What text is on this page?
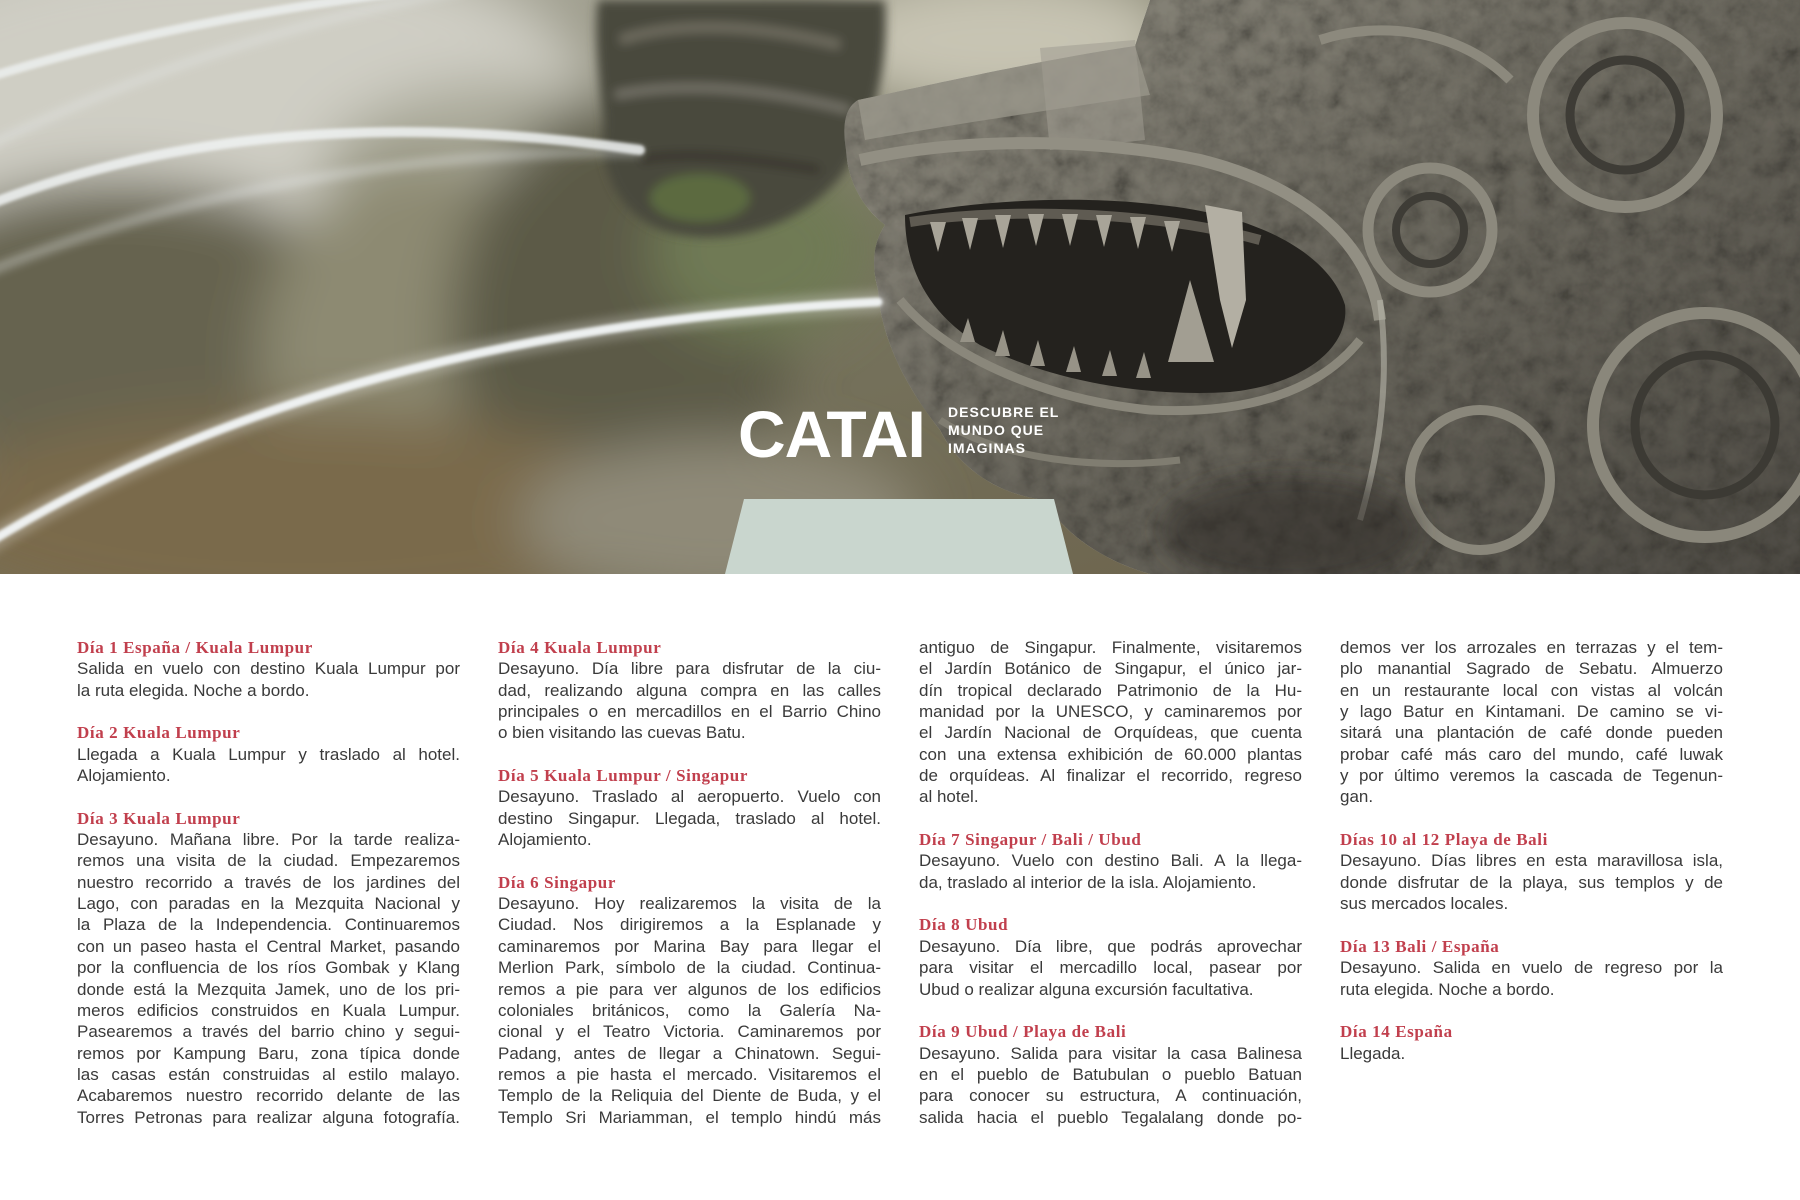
CATAI DESCUBRE EL
MUNDO QUE
IMAGINAS
Día 1 España / Kuala Lumpur
Salida en vuelo con destino Kuala Lumpur por
la ruta elegida. Noche a bordo.
Día 2 Kuala Lumpur
Llegada a Kuala Lumpur y traslado al hotel.
Alojamiento.
Día 3 Kuala Lumpur
Desayuno. Mañana libre. Por la tarde realiza-
remos una visita de la ciudad. Empezaremos
nuestro recorrido a través de los jardines del
Lago, con paradas en la Mezquita Nacional y
la Plaza de la Independencia. Continuaremos
con un paseo hasta el Central Market, pasando
por la confluencia de los ríos Gombak y Klang
donde está la Mezquita Jamek, uno de los pri-
meros edificios construidos en Kuala Lumpur.
Pasearemos a través del barrio chino y segui-
remos por Kampung Baru, zona típica donde
las casas están construidas al estilo malayo.
Acabaremos nuestro recorrido delante de las
Torres Petronas para realizar alguna fotografía.
Día 4 Kuala Lumpur
Desayuno. Día libre para disfrutar de la ciu-
dad, realizando alguna compra en las calles
principales o en mercadillos en el Barrio Chino
o bien visitando las cuevas Batu.
Día 5 Kuala Lumpur / Singapur
Desayuno. Traslado al aeropuerto. Vuelo con
destino Singapur. Llegada, traslado al hotel.
Alojamiento.
Día 6 Singapur
Desayuno. Hoy realizaremos la visita de la
Ciudad. Nos dirigiremos a la Esplanade y
caminaremos por Marina Bay para llegar el
Merlion Park, símbolo de la ciudad. Continua-
remos a pie para ver algunos de los edificios
coloniales británicos, como la Galería Na-
cional y el Teatro Victoria. Caminaremos por
Padang, antes de llegar a Chinatown. Segui-
remos a pie hasta el mercado. Visitaremos el
Templo de la Reliquia del Diente de Buda, y el
Templo Sri Mariamman, el templo hindú más
antiguo de Singapur. Finalmente, visitaremos
el Jardín Botánico de Singapur, el único jar-
dín tropical declarado Patrimonio de la Hu-
manidad por la UNESCO, y caminaremos por
el Jardín Nacional de Orquídeas, que cuenta
con una extensa exhibición de 60.000 plantas
de orquídeas. Al finalizar el recorrido, regreso
al hotel.
Día 7 Singapur / Bali / Ubud
Desayuno. Vuelo con destino Bali. A la llega-
da, traslado al interior de la isla. Alojamiento.
Día 8 Ubud
Desayuno. Día libre, que podrás aprovechar
para visitar el mercadillo local, pasear por
Ubud o realizar alguna excursión facultativa.
Día 9 Ubud / Playa de Bali
Desayuno. Salida para visitar la casa Balinesa
en el pueblo de Batubulan o pueblo Batuan
para conocer su estructura, A continuación,
salida hacia el pueblo Tegalalang donde po-
demos ver los arrozales en terrazas y el tem-
plo manantial Sagrado de Sebatu. Almuerzo
en un restaurante local con vistas al volcán
y lago Batur en Kintamani. De camino se vi-
sitará una plantación de café donde pueden
probar café más caro del mundo, café luwak
y por último veremos la cascada de Tegenun-
gan.
Días 10 al 12 Playa de Bali
Desayuno. Días libres en esta maravillosa isla,
donde disfrutar de la playa, sus templos y de
sus mercados locales.
Día 13 Bali / España
Desayuno. Salida en vuelo de regreso por la
ruta elegida. Noche a bordo.
Día 14 España
Llegada.
